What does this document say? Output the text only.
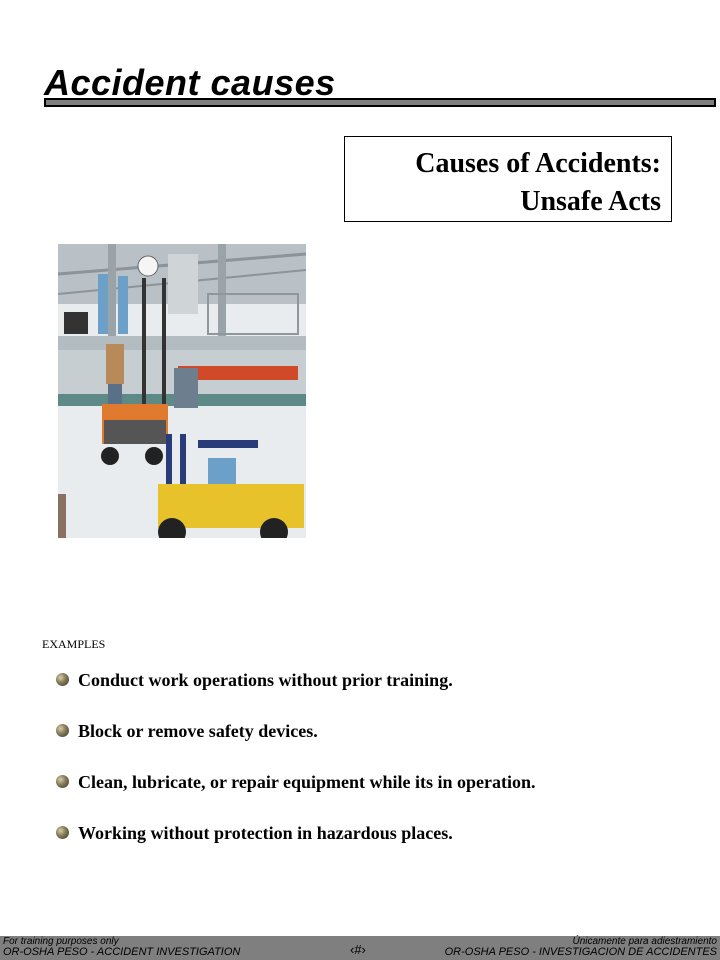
Accident causes
Causes of Accidents:
Unsafe Acts
EXAMPLES
Conduct work operations without prior training.
Block or remove safety devices.
Clean, lubricate, or repair equipment while its in operation.
Working without protection in hazardous places.
For training purposes only
OR-OSHA PESO - ACCIDENT INVESTIGATION	‹#›
Únicamente para adiestramiento
OR-OSHA PESO - INVESTIGACION DE ACCIDENTES
